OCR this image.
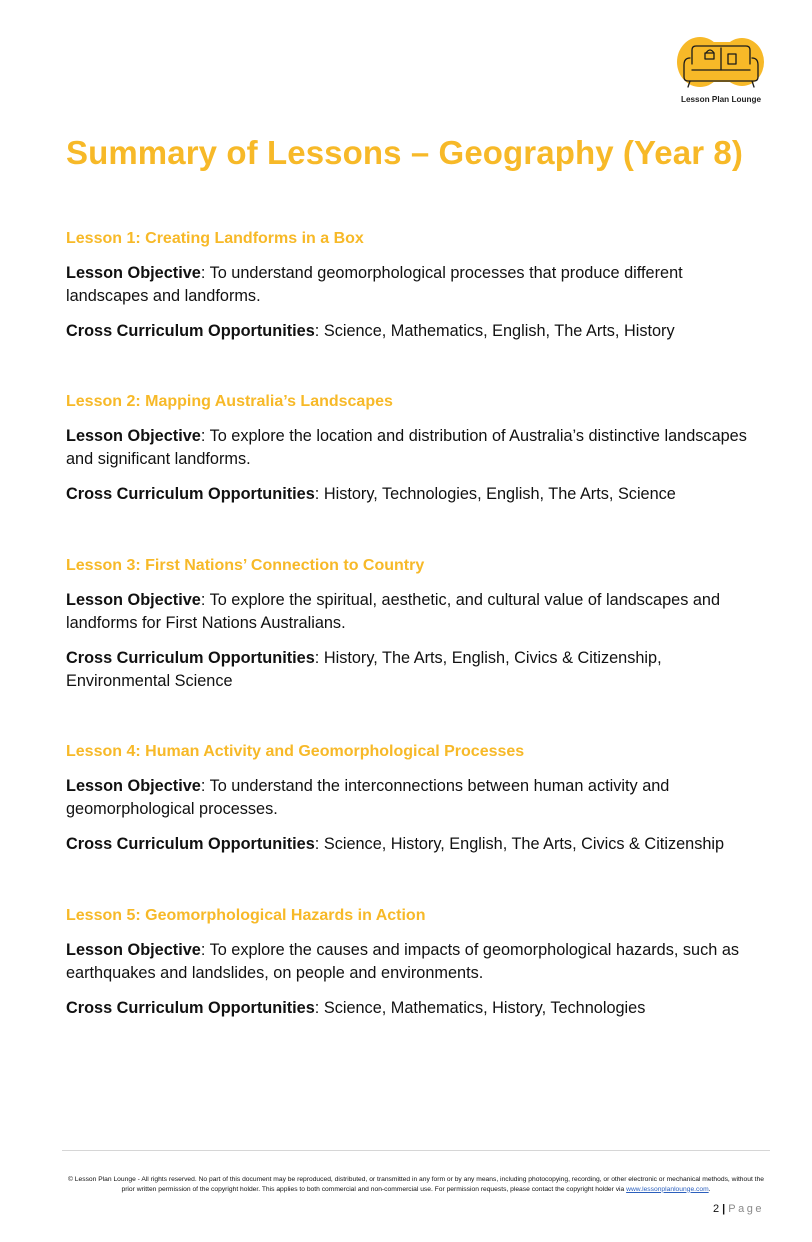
Lesson Plan Lounge
Summary of Lessons – Geography (Year 8)
Lesson 1: Creating Landforms in a Box

Lesson Objective: To understand geomorphological processes that produce different landscapes and landforms.

Cross Curriculum Opportunities: Science, Mathematics, English, The Arts, History

Lesson 2: Mapping Australia’s Landscapes

Lesson Objective: To explore the location and distribution of Australia’s distinctive landscapes and significant landforms.

Cross Curriculum Opportunities: History, Technologies, English, The Arts, Science

Lesson 3: First Nations’ Connection to Country

Lesson Objective: To explore the spiritual, aesthetic, and cultural value of landscapes and landforms for First Nations Australians.

Cross Curriculum Opportunities: History, The Arts, English, Civics & Citizenship, Environmental Science

Lesson 4: Human Activity and Geomorphological Processes

Lesson Objective: To understand the interconnections between human activity and geomorphological processes.

Cross Curriculum Opportunities: Science, History, English, The Arts, Civics & Citizenship

Lesson 5: Geomorphological Hazards in Action

Lesson Objective: To explore the causes and impacts of geomorphological hazards, such as earthquakes and landslides, on people and environments.

Cross Curriculum Opportunities: Science, Mathematics, History, Technologies

© Lesson Plan Lounge - All rights reserved. No part of this document may be reproduced, distributed, or transmitted in any form or by any means, including photocopying, recording, or other electronic or mechanical methods, without the prior written permission of the copyright holder. This applies to both commercial and non-commercial use. For permission requests, please contact the copyright holder via www.lessonplanlounge.com.
2 | Page
